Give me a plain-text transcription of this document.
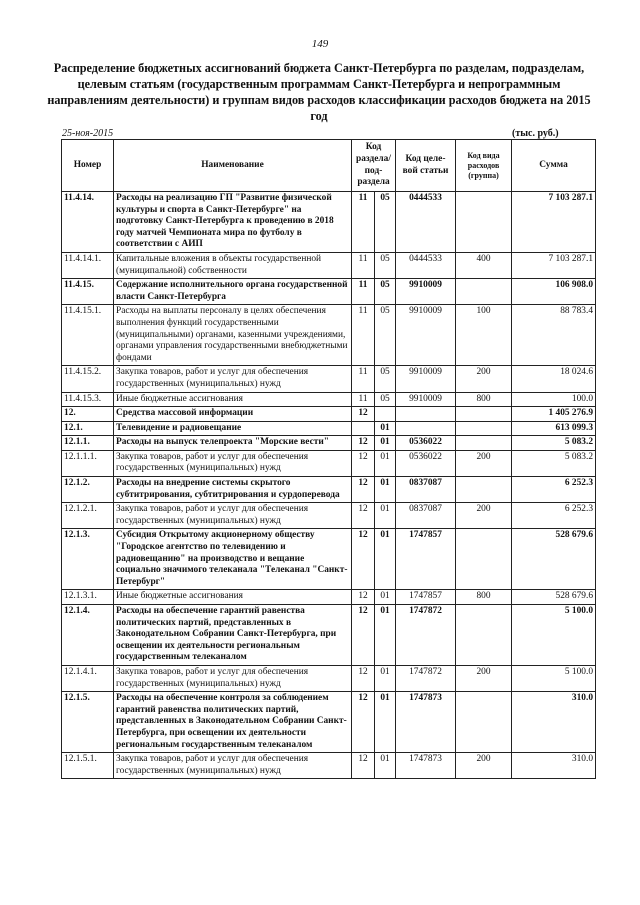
149
Распределение бюджетных ассигнований бюджета Санкт-Петербурга по разделам, подразделам, целевым статьям (государственным программам Санкт-Петербурга и непрограммным направлениям деятельности) и группам видов расходов классификации расходов бюджета на 2015 год
25-ноя-2015	(тыс. руб.)
Номер	Наименование	Код раздела/ под-раздела		Код целе-вой статьи	Код вида расходов (группа)	Сумма
11.4.14.	Расходы на реализацию ГП "Развитие физической культуры и спорта в Санкт-Петербурге" на подготовку Санкт-Петербурга к проведению в 2018 году матчей Чемпионата мира по футболу в соответствии с АИП	11	05	0444533		7 103 287.1
11.4.14.1.	Капитальные вложения в объекты государственной (муниципальной) собственности	11	05	0444533	400	7 103 287.1
11.4.15.	Содержание исполнительного органа государственной власти Санкт-Петербурга	11	05	9910009		106 908.0
11.4.15.1.	Расходы на выплаты персоналу в целях обеспечения выполнения функций государственными (муниципальными) органами, казенными учреждениями, органами управления государственными внебюджетными фондами	11	05	9910009	100	88 783.4
11.4.15.2.	Закупка товаров, работ и услуг для обеспечения государственных (муниципальных) нужд	11	05	9910009	200	18 024.6
11.4.15.3.	Иные бюджетные ассигнования	11	05	9910009	800	100.0
12.	Средства массовой информации	12				1 405 276.9
12.1.	Телевидение и радиовещание		01			613 099.3
12.1.1.	Расходы на выпуск телепроекта "Морские вести"	12	01	0536022		5 083.2
12.1.1.1.	Закупка товаров, работ и услуг для обеспечения государственных (муниципальных) нужд	12	01	0536022	200	5 083.2
12.1.2.	Расходы на внедрение системы скрытого субтитрирования, субтитрирования и сурдоперевода	12	01	0837087		6 252.3
12.1.2.1.	Закупка товаров, работ и услуг для обеспечения государственных (муниципальных) нужд	12	01	0837087	200	6 252.3
12.1.3.	Субсидия Открытому акционерному обществу "Городское агентство по телевидению и радиовещанию" на производство и вещание социально значимого телеканала "Телеканал "Санкт-Петербург"	12	01	1747857		528 679.6
12.1.3.1.	Иные бюджетные ассигнования	12	01	1747857	800	528 679.6
12.1.4.	Расходы на обеспечение гарантий равенства политических партий, представленных в Законодательном Собрании Санкт-Петербурга, при освещении их деятельности региональным государственным телеканалом	12	01	1747872		5 100.0
12.1.4.1.	Закупка товаров, работ и услуг для обеспечения государственных (муниципальных) нужд	12	01	1747872	200	5 100.0
12.1.5.	Расходы на обеспечение контроля за соблюдением гарантий равенства политических партий, представленных в Законодательном Собрании Санкт-Петербурга, при освещении их деятельности региональным государственным телеканалом	12	01	1747873		310.0
12.1.5.1.	Закупка товаров, работ и услуг для обеспечения государственных (муниципальных) нужд	12	01	1747873	200	310.0
